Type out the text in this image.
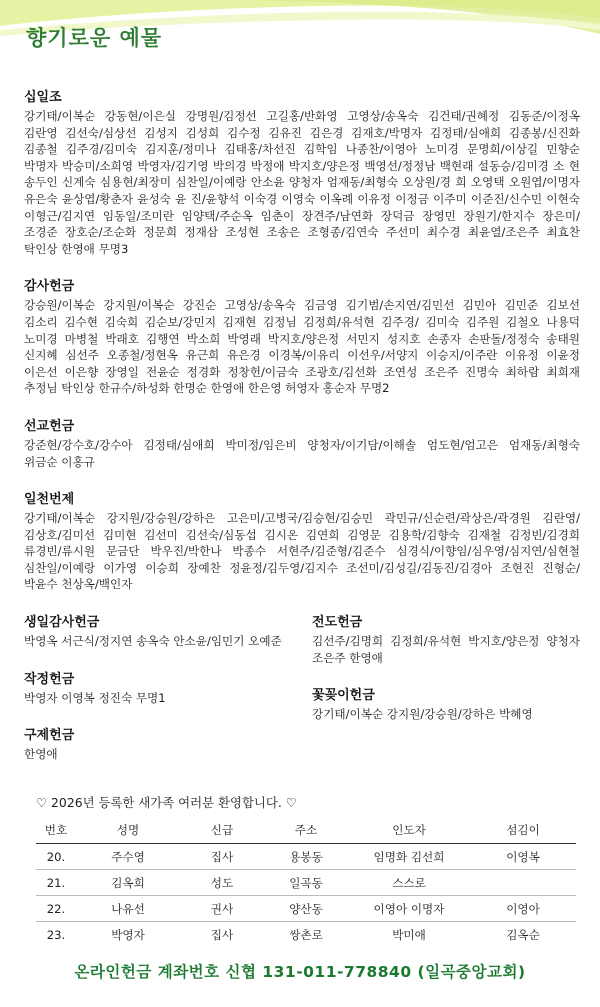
향기로운 예물
십일조
강기태/이복순 강동현/이은실 강명원/김정선 고길홍/반화영 고영상/송옥숙 김건태/권혜정 김동준/이정옥 김란영 김선숙/심상선 김성지 김성희 김수정 김유진 김은경 김재호/박명자 김정태/심애희 김종봉/신진화 김종철 김주경/김미숙 김지훈/정미나 김태홍/차선진 김학임 나종찬/이영아 노미경 문명희/이상길 민향순 박명자 박승미/소희영 박영자/김기영 박의경 박정애 박지호/양은정 백영선/정정남 백현래 설동승/김미경 소 현 송두인 신계숙 심용현/최장미 심찬일/이예랑 안소윤 양청자 엄재동/최형숙 오상원/경 희 오영택 오원엽/이명자 유은숙 윤상엽/황춘자 윤성숙 윤 진/윤향석 이숙경 이영숙 이옥례 이유정 이정금 이주미 이준진/신수민 이현숙 이형근/김지연 임동일/조미란 임양택/주순옥 임춘이 장견주/남연화 장덕금 장영민 장원기/한지수 장은미/조경준 장호순/조순화 정문희 정재삼 조성현 조송은 조형종/김연숙 주선미 최수경 최윤열/조은주 최효찬 탁인상 한영애 무명3
감사헌금
강승원/이복순 강지원/이복순 강진순 고영상/송옥숙 김금영 김기범/손지연/김민선 김민아 김민준 김보선 김소리 김수현 김숙희 김순보/강민지 김재현 김정님 김정희/유석현 김주경/ 김미숙 김주원 김철오 나용덕 노미경 마병철 박래호 김행연 박소희 박영래 박지호/양은정 서민지 성지호 손종자 손판돌/정정숙 송태원 신지혜 심선주 오종철/정현옥 유근희 유은경 이경복/이유리 이선우/서양지 이승지/이주란 이유정 이윤정 이은선 이은향 장영일 전윤순 정경화 정창헌/이금숙 조광호/김선화 조연성 조은주 진명숙 최하람 최희재 추정님 탁인상 한규수/하성화 한명순 한영애 한은영 허영자 홍순자 무명2
선교헌금
강준현/강수호/강수아 김정태/심애희 박미정/임은비 양청자/이기담/이해솔 엄도현/엄고은 엄재동/최형숙 위금순 이홍규
일천번제
강기태/이복순 강지원/강승원/강하은 고은미/고병국/김승현/김승민 곽민규/신순련/곽상은/곽경원 김란영/김상호/김미선 김미현 김선미 김선숙/심동섭 김시온 김연희 김영문 김용학/김향숙 김재철 김정빈/김경희 류경빈/류시원 문금단 박우진/박한나 박종수 서현주/김준형/김준수 심경식/이향임/심우영/심지연/심현철 심찬일/이예랑 이가영 이승희 장예찬 정윤정/김두영/김지수 조선미/김성길/김동진/김경아 조현진 진형순/박윤수 천상옥/백인자
생일감사헌금
박영옥 서근식/정지연 송옥숙 안소윤/임민기 오예준
작정헌금
박영자 이영복 정진숙 무명1
구제헌금
한영애
전도헌금
김선주/김명희 김정희/유석현 박지호/양은정 양청자 조은주 한영애
꽃꽂이헌금
강기태/이복순 강지원/강승원/강하은 박혜영
♡ 2026년 등록한 새가족 여러분 환영합니다. ♡
번호	성명	신급	주소	인도자	섬김이
20.	주수영	집사	용봉동	임명화 김선희	이영복
21.	김옥희	성도	일곡동	스스로	
22.	나유선	권사	양산동	이영아 이명자	이영아
23.	박영자	집사	쌍촌로	박미애	김옥순
온라인헌금 계좌번호 신협 131-011-778840 (일곡중앙교회)
